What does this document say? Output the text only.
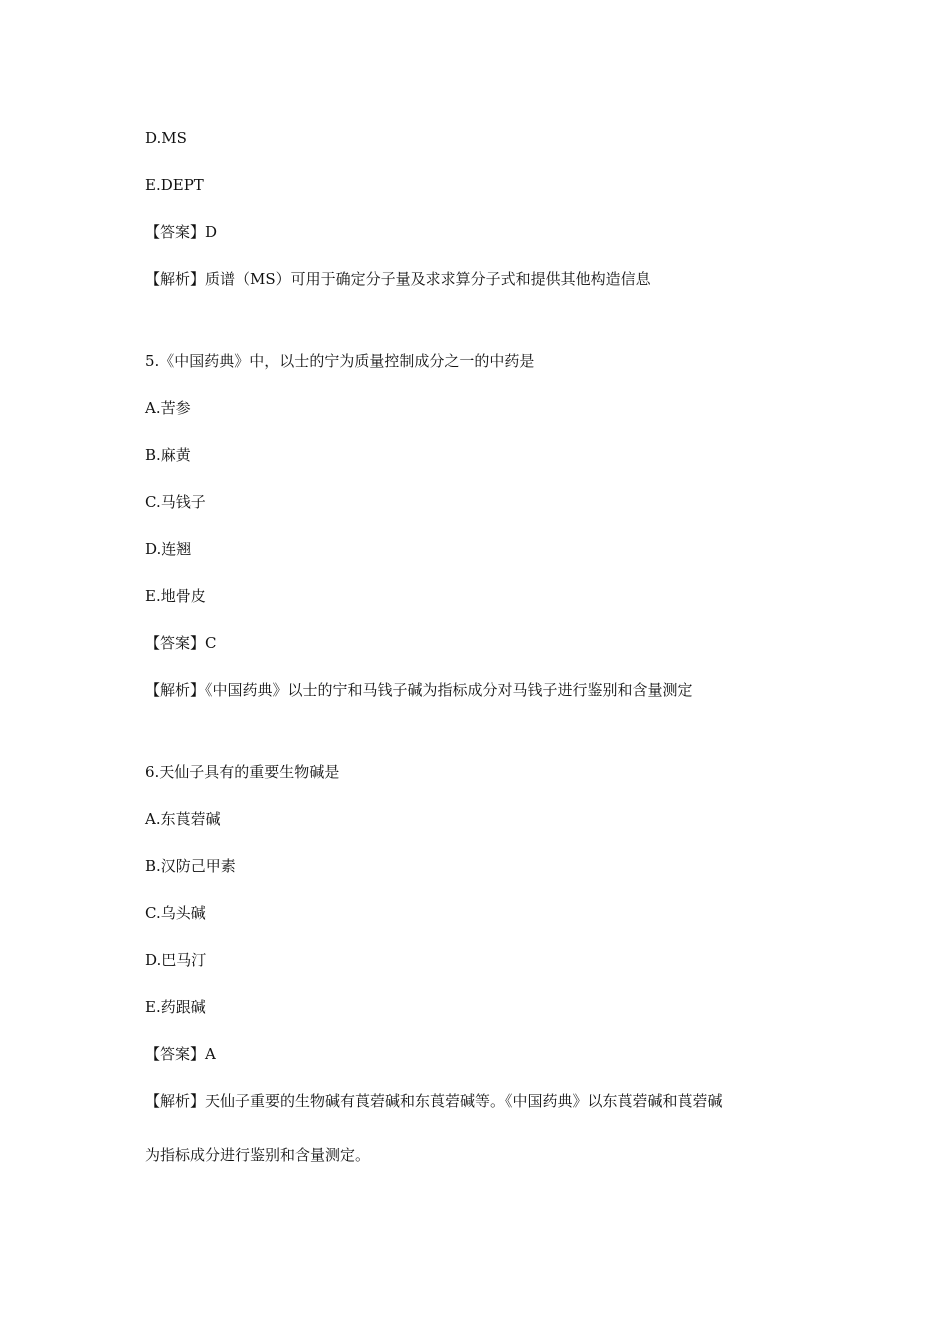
D.MS
E.DEPT
【答案】D
【解析】质谱（MS）可用于确定分子量及求求算分子式和提供其他构造信息
5.《中国药典》中，以士的宁为质量控制成分之一的中药是
A.苦参
B.麻黄
C.马钱子
D.连翘
E.地骨皮
【答案】C
【解析】《中国药典》以士的宁和马钱子碱为指标成分对马钱子进行鉴别和含量测定
6.天仙子具有的重要生物碱是
A.东莨菪碱
B.汉防己甲素
C.乌头碱
D.巴马汀
E.药跟碱
【答案】A
【解析】天仙子重要的生物碱有莨菪碱和东莨菪碱等。《中国药典》以东莨菪碱和莨菪碱
为指标成分进行鉴别和含量测定。
